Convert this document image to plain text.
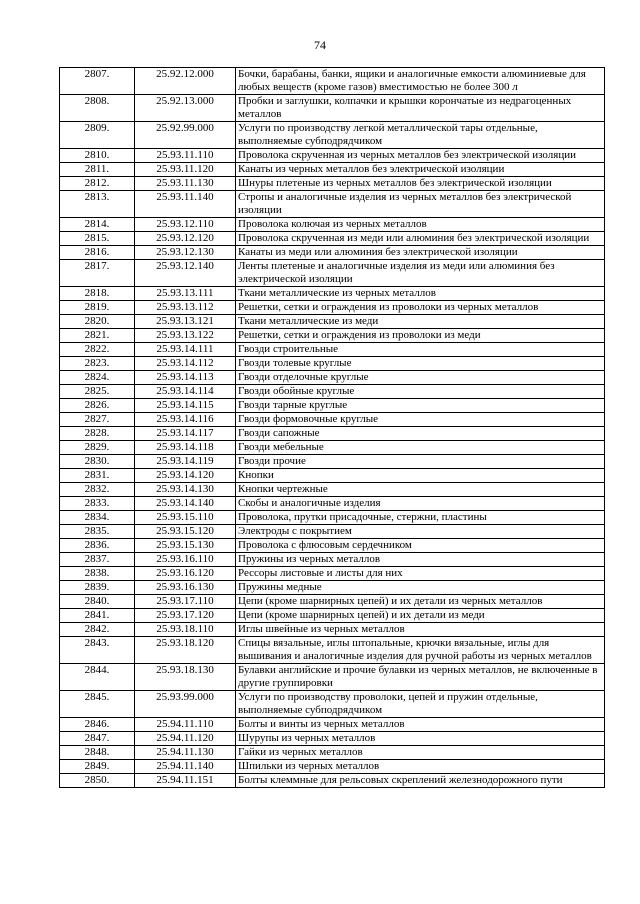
74
2807.	25.92.12.000	Бочки, барабаны, банки, ящики и аналогичные емкости алюминиевые для любых веществ (кроме газов) вместимостью не более 300 л
2808.	25.92.13.000	Пробки и заглушки, колпачки и крышки корончатые из недрагоценных металлов
2809.	25.92.99.000	Услуги по производству легкой металлической тары отдельные, выполняемые субподрядчиком
2810.	25.93.11.110	Проволока скрученная из черных металлов без электрической изоляции
2811.	25.93.11.120	Канаты из черных металлов без электрической изоляции
2812.	25.93.11.130	Шнуры плетеные из черных металлов без электрической изоляции
2813.	25.93.11.140	Стропы и аналогичные изделия из черных металлов без электрической изоляции
2814.	25.93.12.110	Проволока колючая из черных металлов
2815.	25.93.12.120	Проволока скрученная из меди или алюминия без электрической изоляции
2816.	25.93.12.130	Канаты из меди или алюминия без электрической изоляции
2817.	25.93.12.140	Ленты плетеные и аналогичные изделия из меди или алюминия без электрической изоляции
2818.	25.93.13.111	Ткани металлические из черных металлов
2819.	25.93.13.112	Решетки, сетки и ограждения из проволоки из черных металлов
2820.	25.93.13.121	Ткани металлические из меди
2821.	25.93.13.122	Решетки, сетки и ограждения из проволоки из меди
2822.	25.93.14.111	Гвозди строительные
2823.	25.93.14.112	Гвозди толевые круглые
2824.	25.93.14.113	Гвозди отделочные круглые
2825.	25.93.14.114	Гвозди обойные круглые
2826.	25.93.14.115	Гвозди тарные круглые
2827.	25.93.14.116	Гвозди формовочные круглые
2828.	25.93.14.117	Гвозди сапожные
2829.	25.93.14.118	Гвозди мебельные
2830.	25.93.14.119	Гвозди прочие
2831.	25.93.14.120	Кнопки
2832.	25.93.14.130	Кнопки чертежные
2833.	25.93.14.140	Скобы и аналогичные изделия
2834.	25.93.15.110	Проволока, прутки присадочные, стержни, пластины
2835.	25.93.15.120	Электроды с покрытием
2836.	25.93.15.130	Проволока с флюсовым сердечником
2837.	25.93.16.110	Пружины из черных металлов
2838.	25.93.16.120	Рессоры листовые и листы для них
2839.	25.93.16.130	Пружины медные
2840.	25.93.17.110	Цепи (кроме шарнирных цепей) и их детали из черных металлов
2841.	25.93.17.120	Цепи (кроме шарнирных цепей) и их детали из меди
2842.	25.93.18.110	Иглы швейные из черных металлов
2843.	25.93.18.120	Спицы вязальные, иглы штопальные, крючки вязальные, иглы для вышивания и аналогичные изделия для ручной работы из черных металлов
2844.	25.93.18.130	Булавки английские и прочие булавки из черных металлов, не включенные в другие группировки
2845.	25.93.99.000	Услуги по производству проволоки, цепей и пружин отдельные, выполняемые субподрядчиком
2846.	25.94.11.110	Болты и винты из черных металлов
2847.	25.94.11.120	Шурупы из черных металлов
2848.	25.94.11.130	Гайки из черных металлов
2849.	25.94.11.140	Шпильки из черных металлов
2850.	25.94.11.151	Болты клеммные для рельсовых скреплений железнодорожного пути
